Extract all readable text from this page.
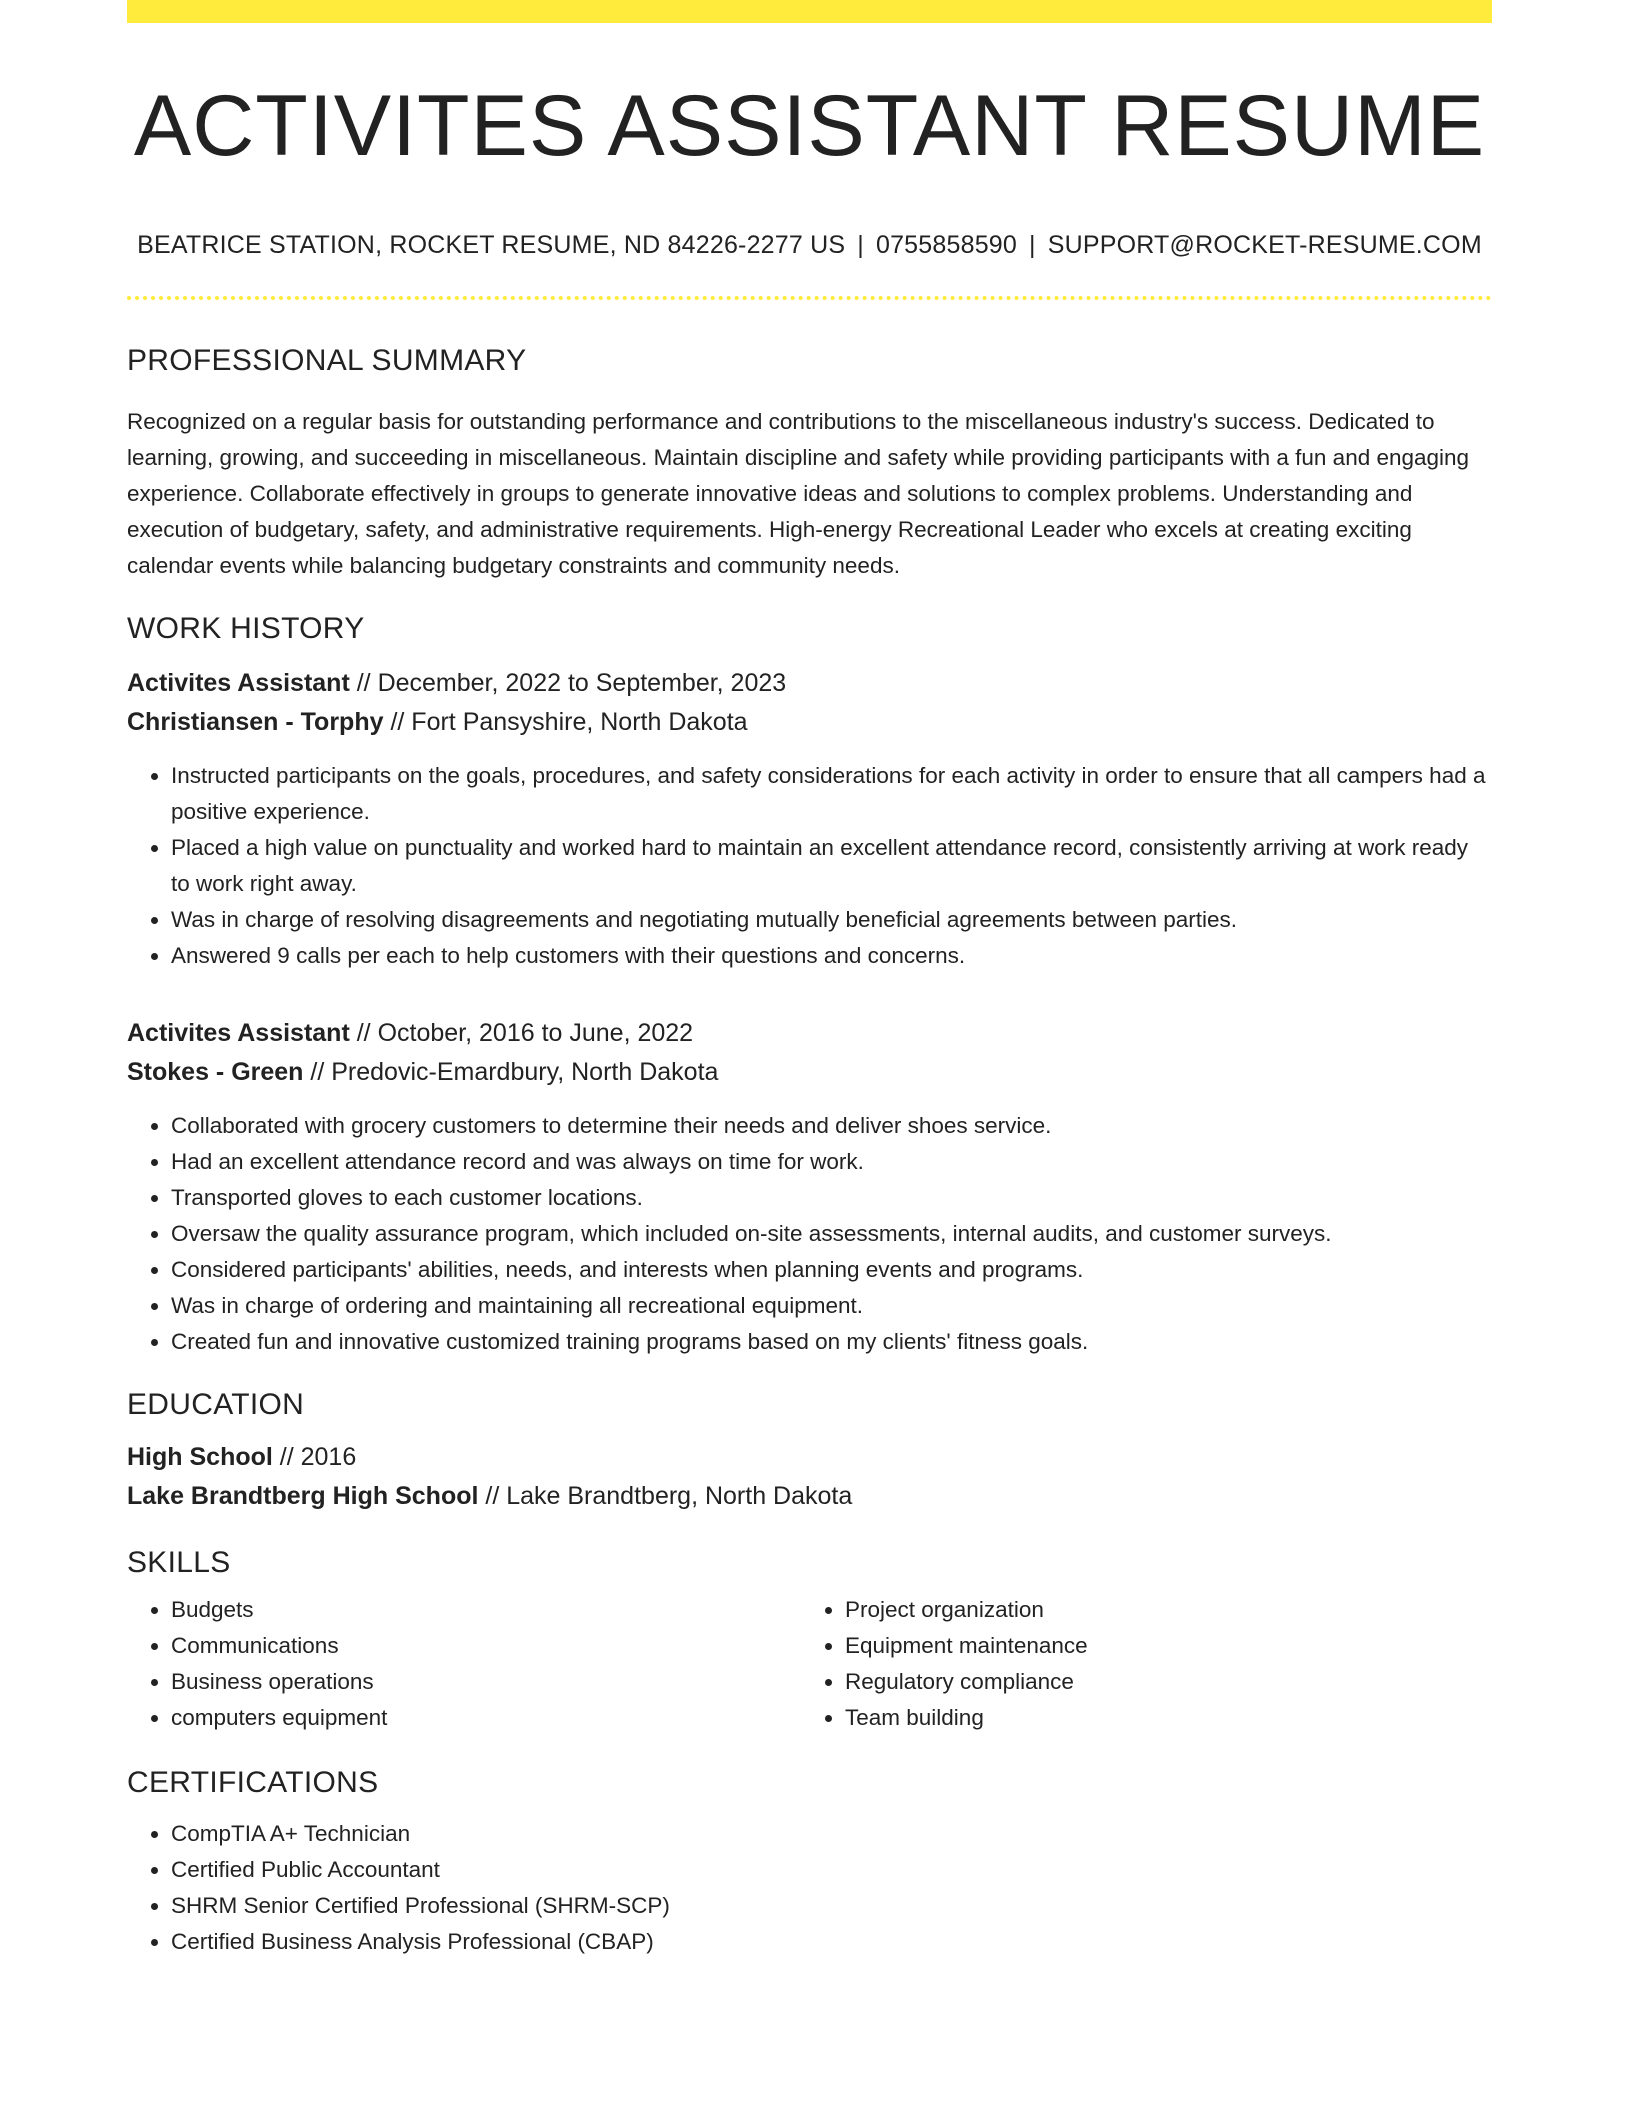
ACTIVITES ASSISTANT RESUME
BEATRICE STATION, ROCKET RESUME, ND 84226-2277 US | 0755858590 | SUPPORT@ROCKET-RESUME.COM
PROFESSIONAL SUMMARY
Recognized on a regular basis for outstanding performance and contributions to the miscellaneous industry's success. Dedicated to learning, growing, and succeeding in miscellaneous. Maintain discipline and safety while providing participants with a fun and engaging experience. Collaborate effectively in groups to generate innovative ideas and solutions to complex problems. Understanding and execution of budgetary, safety, and administrative requirements. High-energy Recreational Leader who excels at creating exciting calendar events while balancing budgetary constraints and community needs.
WORK HISTORY
Activites Assistant // December, 2022 to September, 2023
Christiansen - Torphy // Fort Pansyshire, North Dakota
• Instructed participants on the goals, procedures, and safety considerations for each activity in order to ensure that all campers had a positive experience.
• Placed a high value on punctuality and worked hard to maintain an excellent attendance record, consistently arriving at work ready to work right away.
• Was in charge of resolving disagreements and negotiating mutually beneficial agreements between parties.
• Answered 9 calls per each to help customers with their questions and concerns.
Activites Assistant // October, 2016 to June, 2022
Stokes - Green // Predovic-Emardbury, North Dakota
• Collaborated with grocery customers to determine their needs and deliver shoes service.
• Had an excellent attendance record and was always on time for work.
• Transported gloves to each customer locations.
• Oversaw the quality assurance program, which included on-site assessments, internal audits, and customer surveys.
• Considered participants' abilities, needs, and interests when planning events and programs.
• Was in charge of ordering and maintaining all recreational equipment.
• Created fun and innovative customized training programs based on my clients' fitness goals.
EDUCATION
High School // 2016
Lake Brandtberg High School // Lake Brandtberg, North Dakota
SKILLS
• Budgets
• Communications
• Business operations
• computers equipment
• Project organization
• Equipment maintenance
• Regulatory compliance
• Team building
CERTIFICATIONS
• CompTIA A+ Technician
• Certified Public Accountant
• SHRM Senior Certified Professional (SHRM-SCP)
• Certified Business Analysis Professional (CBAP)
